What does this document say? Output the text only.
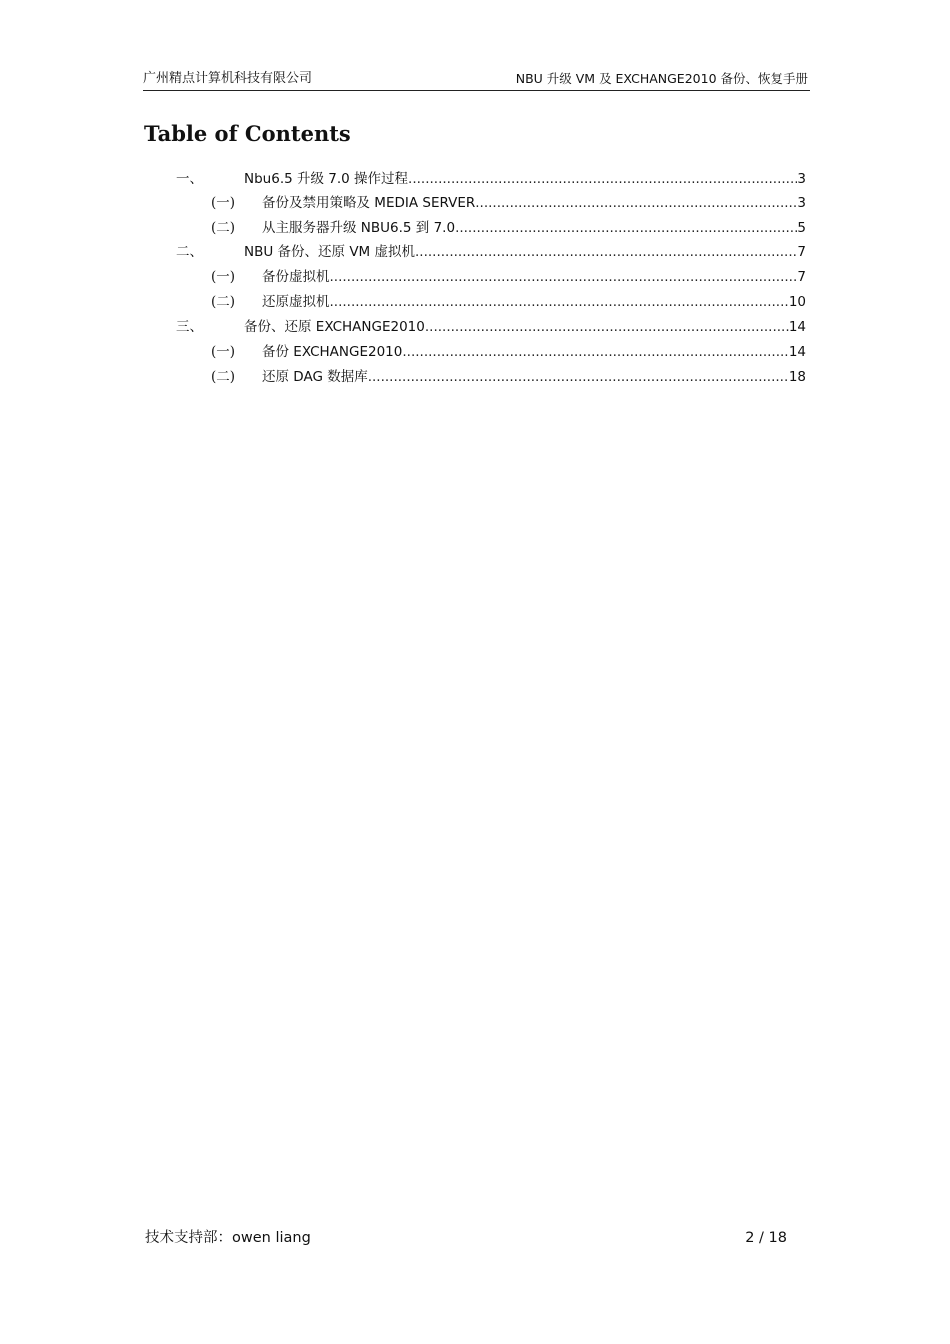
广州精点计算机科技有限公司	NBU 升级 VM 及 EXCHANGE2010 备份、恢复手册
Table of Contents
一、	Nbu6.5 升级 7.0 操作过程 .....	3
(一) 备份及禁用策略及 MEDIA SERVER .....	3
(二) 从主服务器升级 NBU6.5 到 7.0 .....	5
二、	NBU 备份、还原 VM 虚拟机 .....	7
(一) 备份虚拟机 .....	7
(二) 还原虚拟机 .....	10
三、	备份、还原 EXCHANGE2010 .....	14
(一) 备份 EXCHANGE2010 .....	14
(二) 还原 DAG 数据库 .....	18
技术支持部：owen liang	2 / 18
